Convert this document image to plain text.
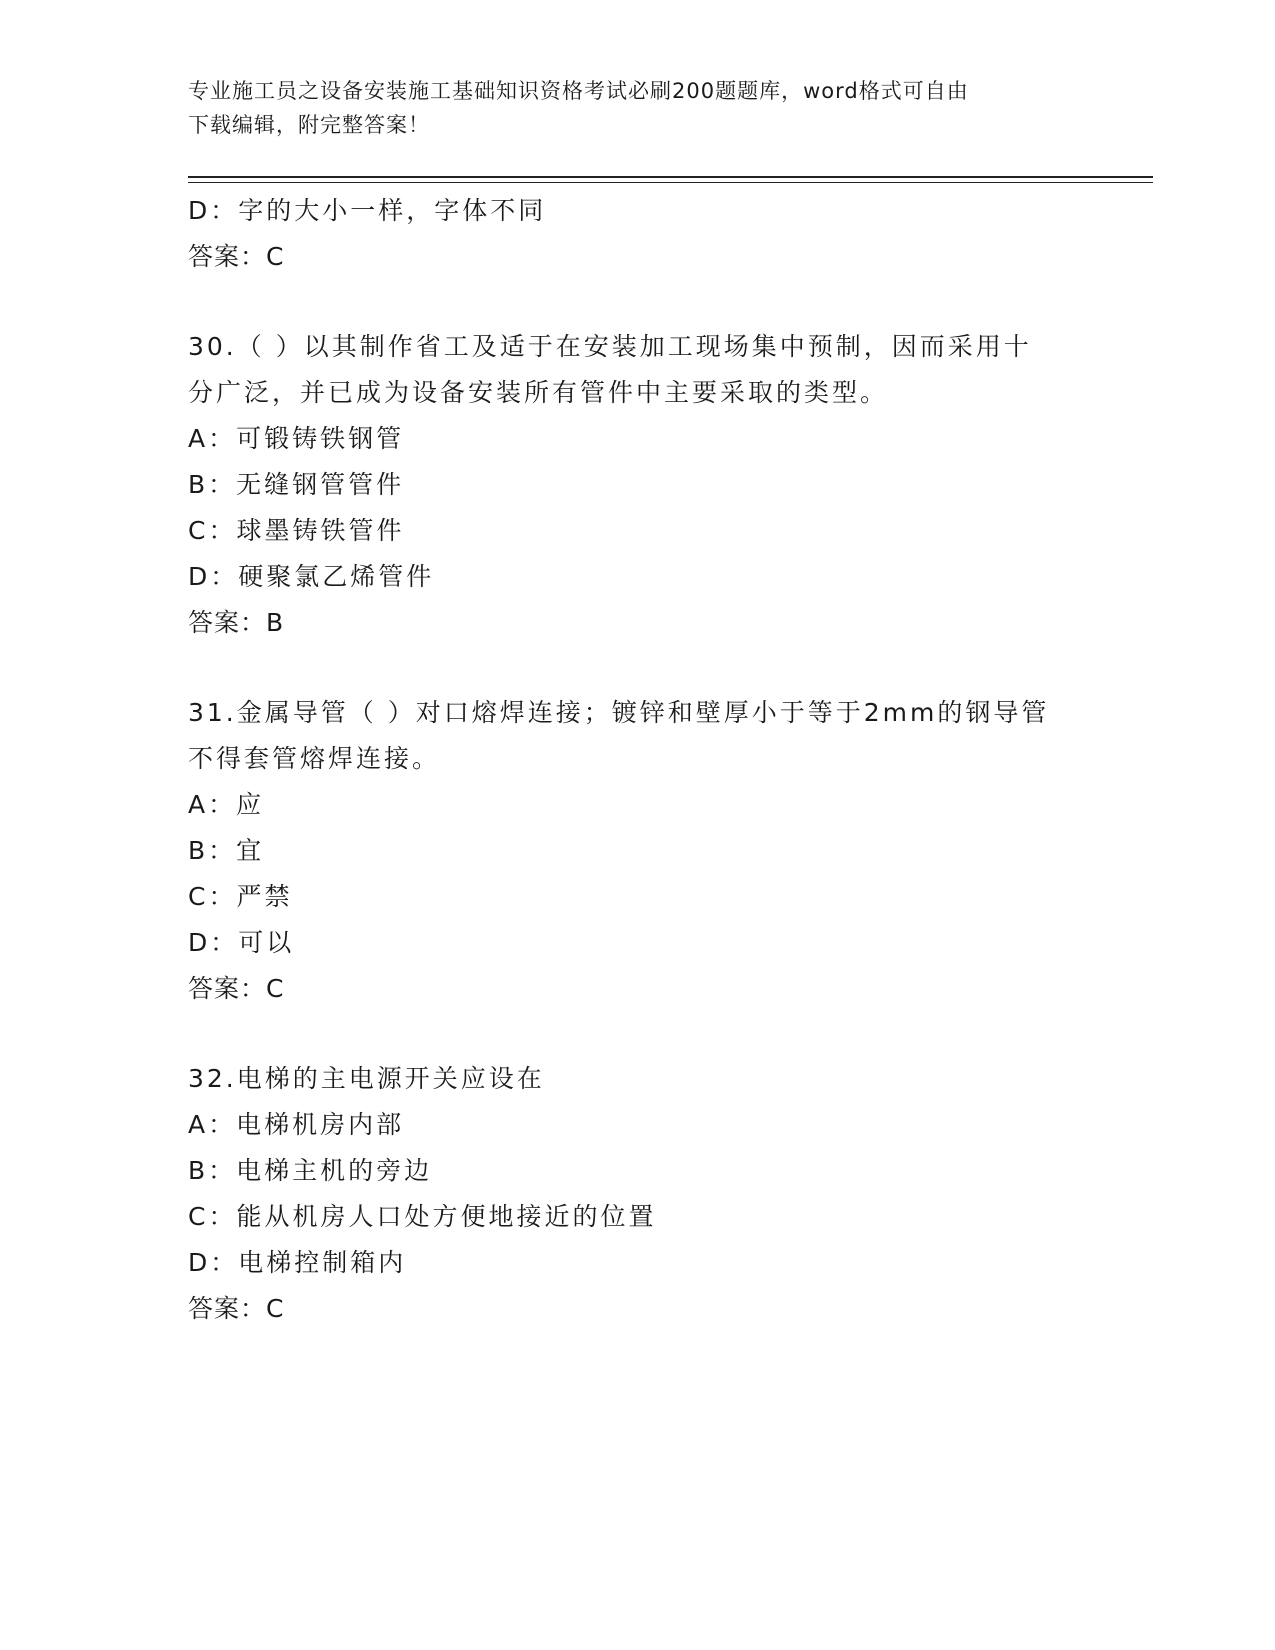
专业施工员之设备安装施工基础知识资格考试必刷200题题库，word格式可自由
下载编辑，附完整答案！
D：字的大小一样，字体不同
答案：C
30.（ ）以其制作省工及适于在安装加工现场集中预制，因而采用十
分广泛，并已成为设备安装所有管件中主要采取的类型。
A：可锻铸铁钢管
B：无缝钢管管件
C：球墨铸铁管件
D：硬聚氯乙烯管件
答案：B
31.金属导管（ ）对口熔焊连接；镀锌和壁厚小于等于2mm的钢导管
不得套管熔焊连接。
A：应
B：宜
C：严禁
D：可以
答案：C
32.电梯的主电源开关应设在
A：电梯机房内部
B：电梯主机的旁边
C：能从机房人口处方便地接近的位置
D：电梯控制箱内
答案：C
